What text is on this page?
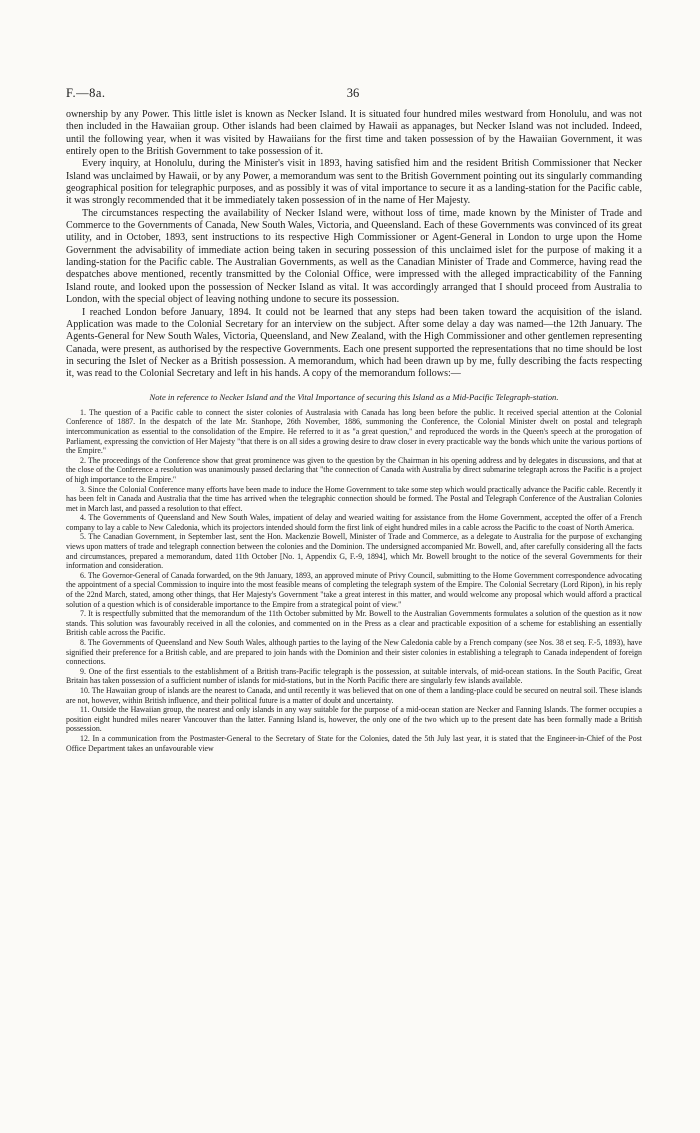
F.—8a.	36

ownership by any Power. This little islet is known as Necker Island. It is situated four hundred miles westward from Honolulu, and was not then included in the Hawaiian group. Other islands had been claimed by Hawaii as appanages, but Necker Island was not included. Indeed, until the following year, when it was visited by Hawaiians for the first time and taken possession of by the Hawaiian Government, it was entirely open to the British Government to take possession of it.

Every inquiry, at Honolulu, during the Minister's visit in 1893, having satisfied him and the resident British Commissioner that Necker Island was unclaimed by Hawaii, or by any Power, a memorandum was sent to the British Government pointing out its singularly commanding geographical position for telegraphic purposes, and as possibly it was of vital importance to secure it as a landing-station for the Pacific cable, it was strongly recommended that it be immediately taken possession of in the name of Her Majesty.

The circumstances respecting the availability of Necker Island were, without loss of time, made known by the Minister of Trade and Commerce to the Governments of Canada, New South Wales, Victoria, and Queensland. Each of these Governments was convinced of its great utility, and in October, 1893, sent instructions to its respective High Commissioner or Agent-General in London to urge upon the Home Government the advisability of immediate action being taken in securing possession of this unclaimed islet for the purpose of making it a landing-station for the Pacific cable. The Australian Governments, as well as the Canadian Minister of Trade and Commerce, having read the despatches above mentioned, recently transmitted by the Colonial Office, were impressed with the alleged impracticability of the Fanning Island route, and looked upon the possession of Necker Island as vital. It was accordingly arranged that I should proceed from Australia to London, with the special object of leaving nothing undone to secure its possession.

I reached London before January, 1894. It could not be learned that any steps had been taken toward the acquisition of the island. Application was made to the Colonial Secretary for an interview on the subject. After some delay a day was named—the 12th January. The Agents-General for New South Wales, Victoria, Queensland, and New Zealand, with the High Commissioner and other gentlemen representing Canada, were present, as authorised by the respective Governments. Each one present supported the representations that no time should be lost in securing the Islet of Necker as a British possession. A memorandum, which had been drawn up by me, fully describing the facts respecting it, was read to the Colonial Secretary and left in his hands. A copy of the memorandum follows:—

Note in reference to Necker Island and the Vital Importance of securing this Island as a Mid-Pacific Telegraph-station.

1. The question of a Pacific cable to connect the sister colonies of Australasia with Canada has long been before the public. It received special attention at the Colonial Conference of 1887. In the despatch of the late Mr. Stanhope, 26th November, 1886, summoning the Conference, the Colonial Minister dwelt on postal and telegraph intercommunication as essential to the consolidation of the Empire. He referred to it as "a great question," and reproduced the words in the Queen's speech at the prorogation of Parliament, expressing the conviction of Her Majesty "that there is on all sides a growing desire to draw closer in every practicable way the bonds which unite the various portions of the Empire."

2. The proceedings of the Conference show that great prominence was given to the question by the Chairman in his opening address and by delegates in discussions, and that at the close of the Conference a resolution was unanimously passed declaring that "the connection of Canada with Australia by direct submarine telegraph across the Pacific is a project of high importance to the Empire."

3. Since the Colonial Conference many efforts have been made to induce the Home Government to take some step which would practically advance the Pacific cable. Recently it has been felt in Canada and Australia that the time has arrived when the telegraphic connection should be formed. The Postal and Telegraph Conference of the Australian Colonies met in March last, and passed a resolution to that effect.

4. The Governments of Queensland and New South Wales, impatient of delay and wearied waiting for assistance from the Home Government, accepted the offer of a French company to lay a cable to New Caledonia, which its projectors intended should form the first link of eight hundred miles in a cable across the Pacific to the coast of North America.

5. The Canadian Government, in September last, sent the Hon. Mackenzie Bowell, Minister of Trade and Commerce, as a delegate to Australia for the purpose of exchanging views upon matters of trade and telegraph connection between the colonies and the Dominion. The undersigned accompanied Mr. Bowell, and, after carefully considering all the facts and circumstances, prepared a memorandum, dated 11th October [No. 1, Appendix G, F.-9, 1894], which Mr. Bowell brought to the notice of the several Governments for their information and consideration.

6. The Governor-General of Canada forwarded, on the 9th January, 1893, an approved minute of Privy Council, submitting to the Home Government correspondence advocating the appointment of a special Commission to inquire into the most feasible means of completing the telegraph system of the Empire. The Colonial Secretary (Lord Ripon), in his reply of the 22nd March, stated, among other things, that Her Majesty's Government "take a great interest in this matter, and would welcome any proposal which would afford a practical solution of a question which is of considerable importance to the Empire from a strategical point of view."

7. It is respectfully submitted that the memorandum of the 11th October submitted by Mr. Bowell to the Australian Governments formulates a solution of the question as it now stands. This solution was favourably received in all the colonies, and commented on in the Press as a clear and practicable exposition of a scheme for establishing an essentially British cable across the Pacific.

8. The Governments of Queensland and New South Wales, although parties to the laying of the New Caledonia cable by a French company (see Nos. 38 et seq. F.-5, 1893), have signified their preference for a British cable, and are prepared to join hands with the Dominion and their sister colonies in establishing a telegraph to Canada independent of foreign connections.

9. One of the first essentials to the establishment of a British trans-Pacific telegraph is the possession, at suitable intervals, of mid-ocean stations. In the South Pacific, Great Britain has taken possession of a sufficient number of islands for mid-stations, but in the North Pacific there are singularly few islands available.

10. The Hawaiian group of islands are the nearest to Canada, and until recently it was believed that on one of them a landing-place could be secured on neutral soil. These islands are not, however, within British influence, and their political future is a matter of doubt and uncertainty.

11. Outside the Hawaiian group, the nearest and only islands in any way suitable for the purpose of a mid-ocean station are Necker and Fanning Islands. The former occupies a position eight hundred miles nearer Vancouver than the latter. Fanning Island is, however, the only one of the two which up to the present date has been formally made a British possession.

12. In a communication from the Postmaster-General to the Secretary of State for the Colonies, dated the 5th July last year, it is stated that the Engineer-in-Chief of the Post Office Department takes an unfavourable view
